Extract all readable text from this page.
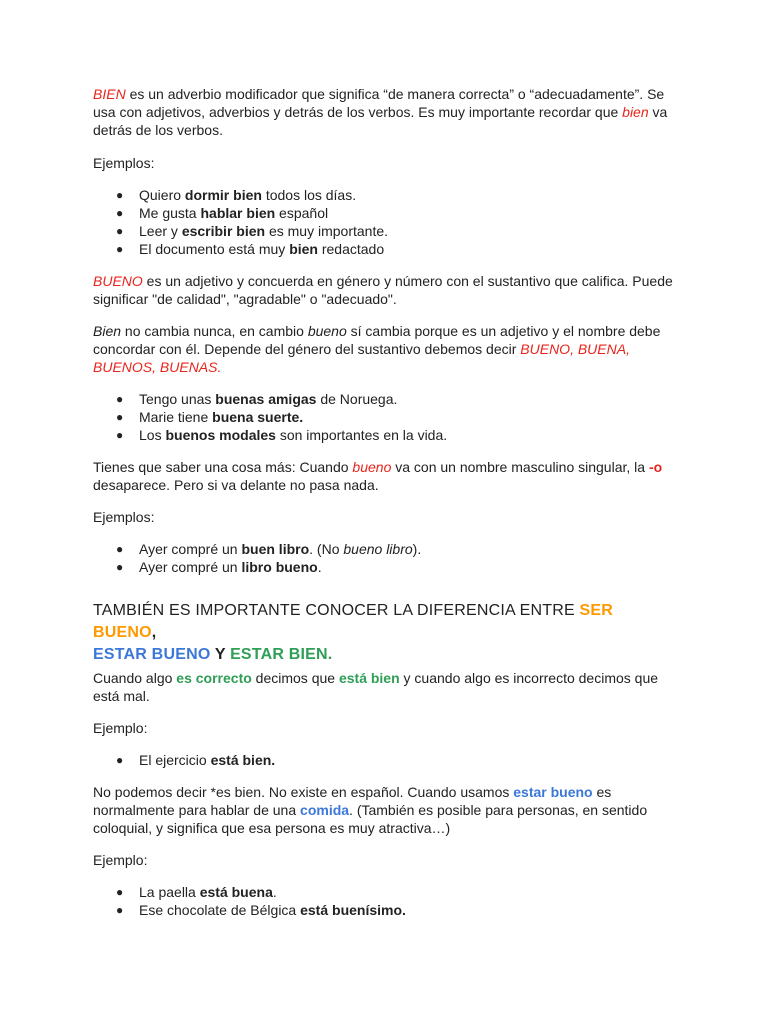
BIEN es un adverbio modificador que significa “de manera correcta” o “adecuadamente”. Se usa con adjetivos, adverbios y detrás de los verbos. Es muy importante recordar que bien va detrás de los verbos.

Ejemplos:

● Quiero dormir bien todos los días.
● Me gusta hablar bien español
● Leer y escribir bien es muy importante.
● El documento está muy bien redactado

BUENO es un adjetivo y concuerda en género y número con el sustantivo que califica. Puede significar "de calidad", "agradable" o "adecuado".

Bien no cambia nunca, en cambio bueno sí cambia porque es un adjetivo y el nombre debe concordar con él. Depende del género del sustantivo debemos decir BUENO, BUENA, BUENOS, BUENAS.

● Tengo unas buenas amigas de Noruega.
● Marie tiene buena suerte.
● Los buenos modales son importantes en la vida.

Tienes que saber una cosa más: Cuando bueno va con un nombre masculino singular, la -o desaparece. Pero si va delante no pasa nada.

Ejemplos:

● Ayer compré un buen libro. (No bueno libro).
● Ayer compré un libro bueno.

TAMBIÉN ES IMPORTANTE CONOCER LA DIFERENCIA ENTRE SER BUENO,
ESTAR BUENO Y ESTAR BIEN.

Cuando algo es correcto decimos que está bien y cuando algo es incorrecto decimos que está mal.

Ejemplo:

● El ejercicio está bien.

No podemos decir *es bien. No existe en español. Cuando usamos estar bueno es normalmente para hablar de una comida. (También es posible para personas, en sentido coloquial, y significa que esa persona es muy atractiva…)

Ejemplo:

● La paella está buena.
● Ese chocolate de Bélgica está buenísimo.
